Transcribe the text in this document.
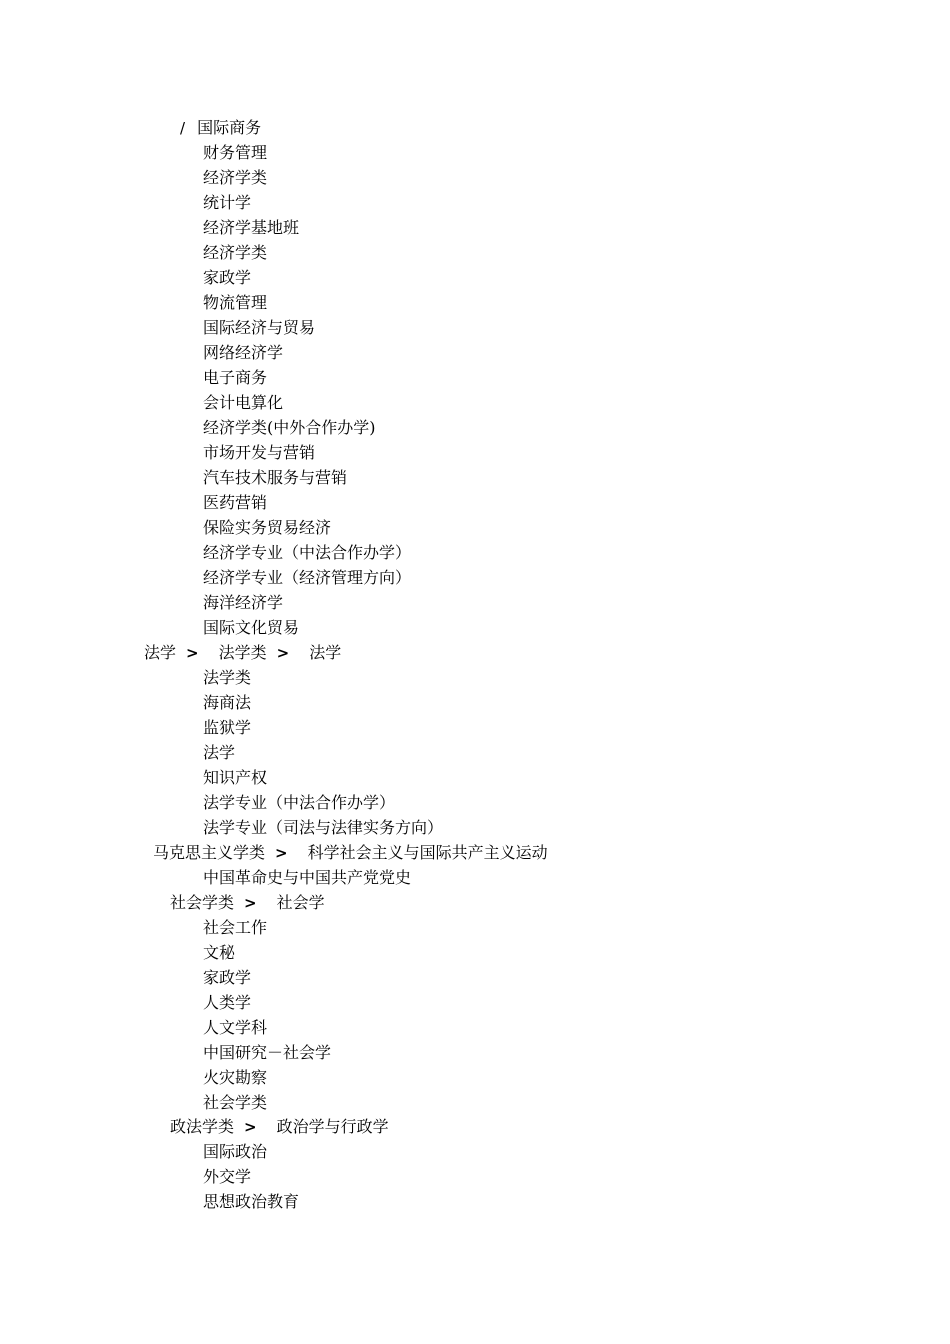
/ 国际商务
财务管理
经济学类
统计学
经济学基地班
经济学类
家政学
物流管理
国际经济与贸易
网络经济学
电子商务
会计电算化
经济学类(中外合作办学)
市场开发与营销
汽车技术服务与营销
医药营销
保险实务贸易经济
经济学专业（中法合作办学）
经济学专业（经济管理方向）
海洋经济学
国际文化贸易
法学 > 法学类 > 法学
法学类
海商法
监狱学
法学
知识产权
法学专业（中法合作办学）
法学专业（司法与法律实务方向）
马克思主义学类 > 科学社会主义与国际共产主义运动
中国革命史与中国共产党党史
社会学类 > 社会学
社会工作
文秘
家政学
人类学
人文学科
中国研究－社会学
火灾勘察
社会学类
政法学类 > 政治学与行政学
国际政治
外交学
思想政治教育
